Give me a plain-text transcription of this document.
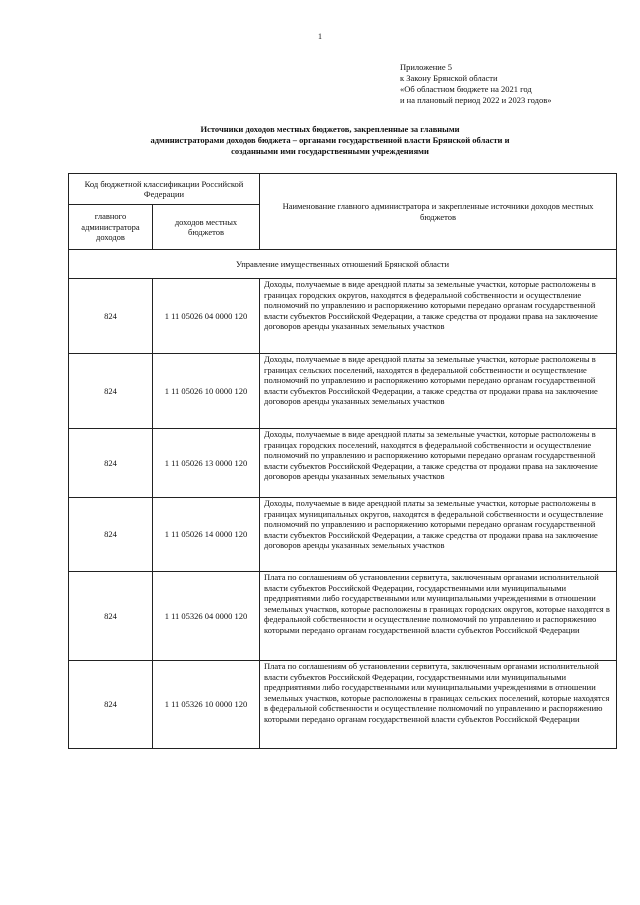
1
Приложение 5
к Закону Брянской области
«Об областном бюджете на 2021 год
и на плановый период 2022 и 2023 годов»
Источники доходов местных бюджетов, закрепленные за главными
администраторами доходов бюджета – органами государственной власти Брянской области и
созданными ими государственными учреждениями
Код бюджетной классификации Российской Федерации		Наименование главного администратора и закрепленные источники доходов местных бюджетов
главного администратора доходов	доходов местных бюджетов	
Управление имущественных отношений Брянской области		
824	1 11 05026 04 0000 120	Доходы, получаемые в виде арендной платы за земельные участки, которые расположены в границах городских округов, находятся в федеральной собственности и осуществление полномочий по управлению и распоряжению которыми передано органам государственной власти субъектов Российской Федерации, а также средства от продажи права на заключение договоров аренды указанных земельных участков
824	1 11 05026 10 0000 120	Доходы, получаемые в виде арендной платы за земельные участки, которые расположены в границах сельских поселений, находятся в федеральной собственности и осуществление полномочий по управлению и распоряжению которыми передано органам государственной власти субъектов Российской Федерации, а также средства от продажи права на заключение договоров аренды указанных земельных участков
824	1 11 05026 13 0000 120	Доходы, получаемые в виде арендной платы за земельные участки, которые расположены в границах городских поселений, находятся в федеральной собственности и осуществление полномочий по управлению и распоряжению которыми передано органам государственной власти субъектов Российской Федерации, а также средства от продажи права на заключение договоров аренды указанных земельных участков
824	1 11 05026 14 0000 120	Доходы, получаемые в виде арендной платы за земельные участки, которые расположены в границах муниципальных округов, находятся в федеральной собственности и осуществление полномочий по управлению и распоряжению которыми передано органам государственной власти субъектов Российской Федерации, а также средства от продажи права на заключение договоров аренды указанных земельных участков
824	1 11 05326 04 0000 120	Плата по соглашениям об установлении сервитута, заключенным органами исполнительной власти субъектов Российской Федерации, государственными или муниципальными предприятиями либо государственными или муниципальными учреждениями в отношении земельных участков, которые расположены в границах городских округов, которые находятся в федеральной собственности и осуществление полномочий по управлению и распоряжению которыми передано органам государственной власти субъектов Российской Федерации
824	1 11 05326 10 0000 120	Плата по соглашениям об установлении сервитута, заключенным органами исполнительной власти субъектов Российской Федерации, государственными или муниципальными предприятиями либо государственными или муниципальными учреждениями в отношении земельных участков, которые расположены в границах сельских поселений, которые находятся в федеральной собственности и осуществление полномочий по управлению и распоряжению которыми передано органам государственной власти субъектов Российской Федерации
